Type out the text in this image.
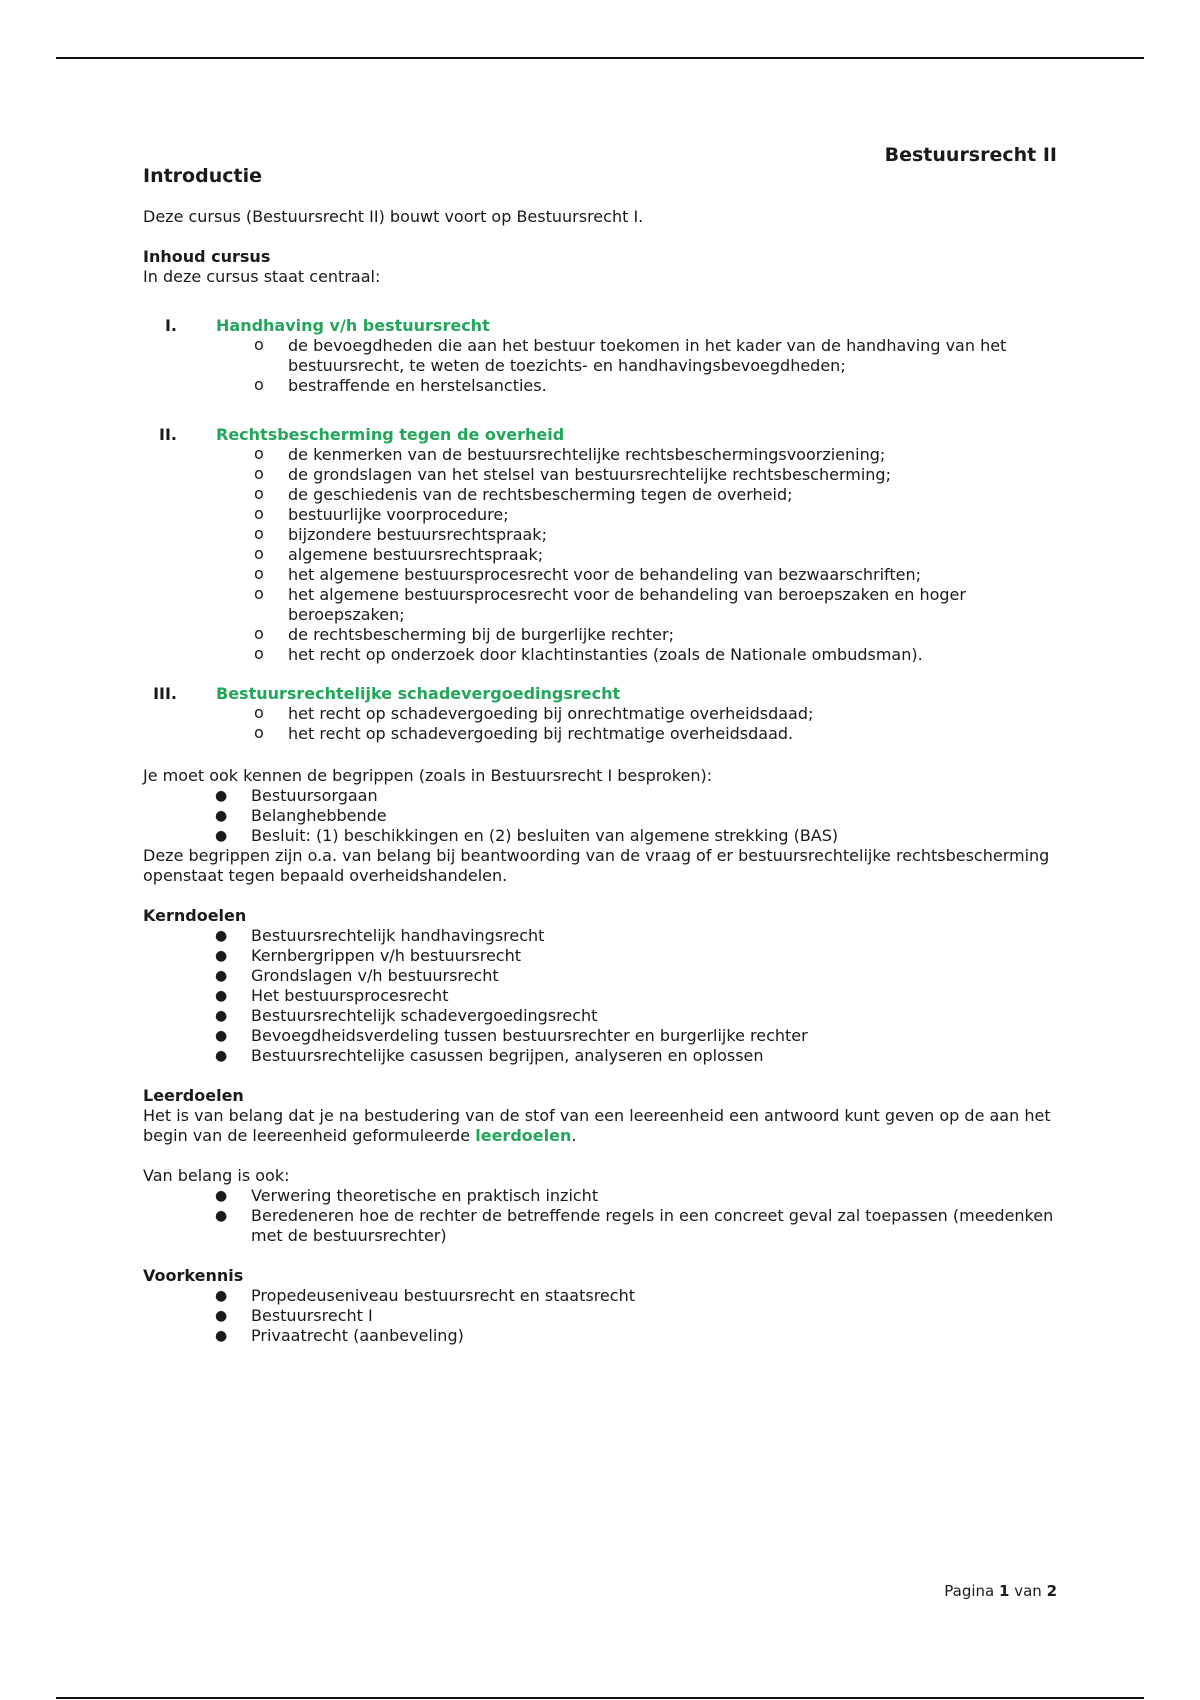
Bestuursrecht II

Introductie

Deze cursus (Bestuursrecht II) bouwt voort op Bestuursrecht I.

Inhoud cursus

In deze cursus staat centraal:

I. Handhaving v/h bestuursrecht
o de bevoegdheden die aan het bestuur toekomen in het kader van de handhaving van het bestuursrecht, te weten de toezichts- en handhavingsbevoegdheden;
o bestraffende en herstelsancties.
II. Rechtsbescherming tegen de overheid
o de kenmerken van de bestuursrechtelijke rechtsbeschermingsvoorziening;
o de grondslagen van het stelsel van bestuursrechtelijke rechtsbescherming;
o de geschiedenis van de rechtsbescherming tegen de overheid;
o bestuurlijke voorprocedure;
o bijzondere bestuursrechtspraak;
o algemene bestuursrechtspraak;
o het algemene bestuursprocesrecht voor de behandeling van bezwaarschriften;
o het algemene bestuursprocesrecht voor de behandeling van beroepszaken en hoger beroepszaken;
o de rechtsbescherming bij de burgerlijke rechter;
o het recht op onderzoek door klachtinstanties (zoals de Nationale ombudsman).
III. Bestuursrechtelijke schadevergoedingsrecht
o het recht op schadevergoeding bij onrechtmatige overheidsdaad;
o het recht op schadevergoeding bij rechtmatige overheidsdaad.

Je moet ook kennen de begrippen (zoals in Bestuursrecht I besproken):

● Bestuursorgaan
● Belanghebbende
● Besluit: (1) beschikkingen en (2) besluiten van algemene strekking (BAS)

Deze begrippen zijn o.a. van belang bij beantwoording van de vraag of er bestuursrechtelijke rechtsbescherming openstaat tegen bepaald overheidshandelen.

Kerndoelen

● Bestuursrechtelijk handhavingsrecht
● Kernbergrippen v/h bestuursrecht
● Grondslagen v/h bestuursrecht
● Het bestuursprocesrecht
● Bestuursrechtelijk schadevergoedingsrecht
● Bevoegdheidsverdeling tussen bestuursrechter en burgerlijke rechter
● Bestuursrechtelijke casussen begrijpen, analyseren en oplossen

Leerdoelen

Het is van belang dat je na bestudering van de stof van een leereenheid een antwoord kunt geven op de aan het begin van de leereenheid geformuleerde leerdoelen.

Van belang is ook:

● Verwering theoretische en praktisch inzicht
● Beredeneren hoe de rechter de betreffende regels in een concreet geval zal toepassen (meedenken met de bestuursrechter)

Voorkennis

● Propedeuseniveau bestuursrecht en staatsrecht
● Bestuursrecht I
● Privaatrecht (aanbeveling)
Pagina 1 van 2
